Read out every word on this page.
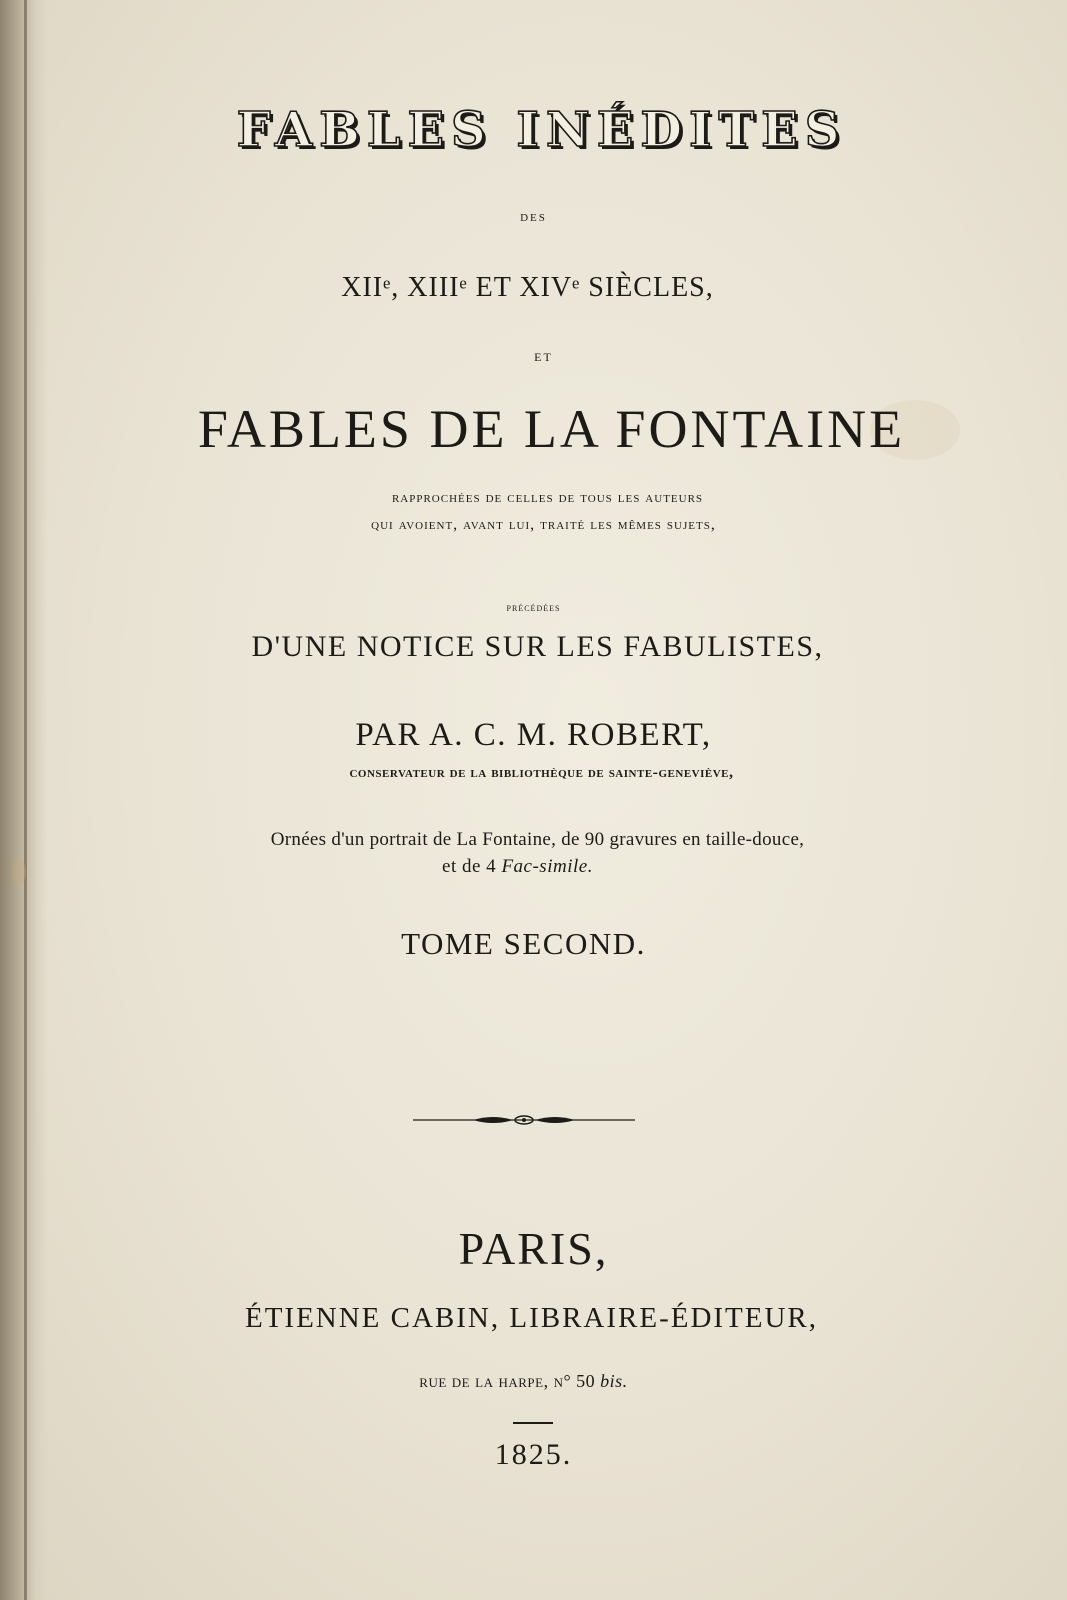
FABLES INÉDITES
DES
XIIᵉ, XIIIᵉ ET XIVᵉ SIÈCLES,
ET
FABLES DE LA FONTAINE
rapprochées de celles de tous les auteurs
qui avoient, avant lui, traité les mêmes sujets,
précédées
D'UNE NOTICE SUR LES FABULISTES,
PAR A. C. M. ROBERT,
conservateur de la bibliothèque de sainte-geneviève,
Ornées d'un portrait de La Fontaine, de 90 gravures en taille-douce,
et de 4 Fac-simile.
TOME SECOND.
PARIS,
ÉTIENNE CABIN, LIBRAIRE-ÉDITEUR,
rue de la harpe, n° 50 bis.
1825.
